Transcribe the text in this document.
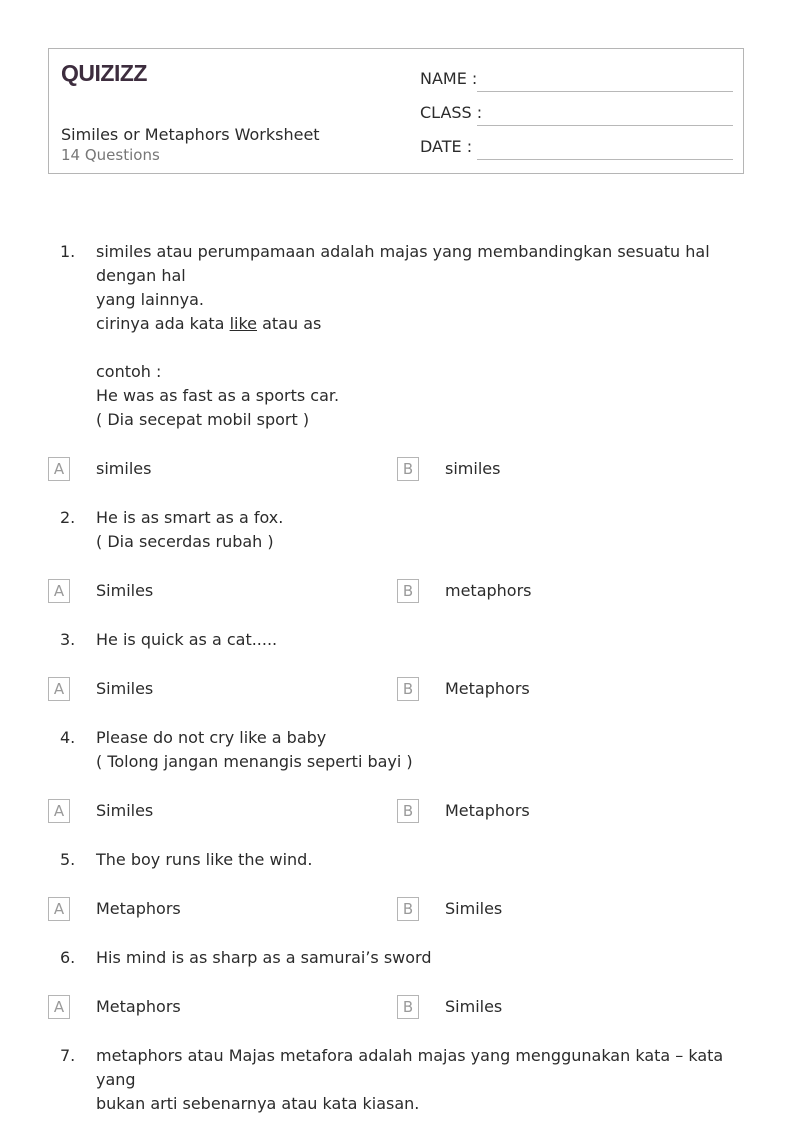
QUIZIZZ
Similes or Metaphors Worksheet
14 Questions
NAME :
CLASS :
DATE :
1. similes atau perumpamaan adalah majas yang membandingkan sesuatu hal dengan hal
yang lainnya.
cirinya ada kata like atau as
contoh :
He was as fast as a sports car.
( Dia secepat mobil sport )
A	similes	B	similes
2. He is as smart as a fox.
( Dia secerdas rubah )
A	Similes	B	metaphors
3. He is quick as a cat.....
A	Similes	B	Metaphors
4. Please do not cry like a baby
( Tolong jangan menangis seperti bayi )
A	Similes	B	Metaphors
5. The boy runs like the wind.
A	Metaphors	B	Similes
6. His mind is as sharp as a samurai’s sword
A	Metaphors	B	Similes
7. metaphors atau Majas metafora adalah majas yang menggunakan kata – kata yang
bukan arti sebenarnya atau kata kiasan.
